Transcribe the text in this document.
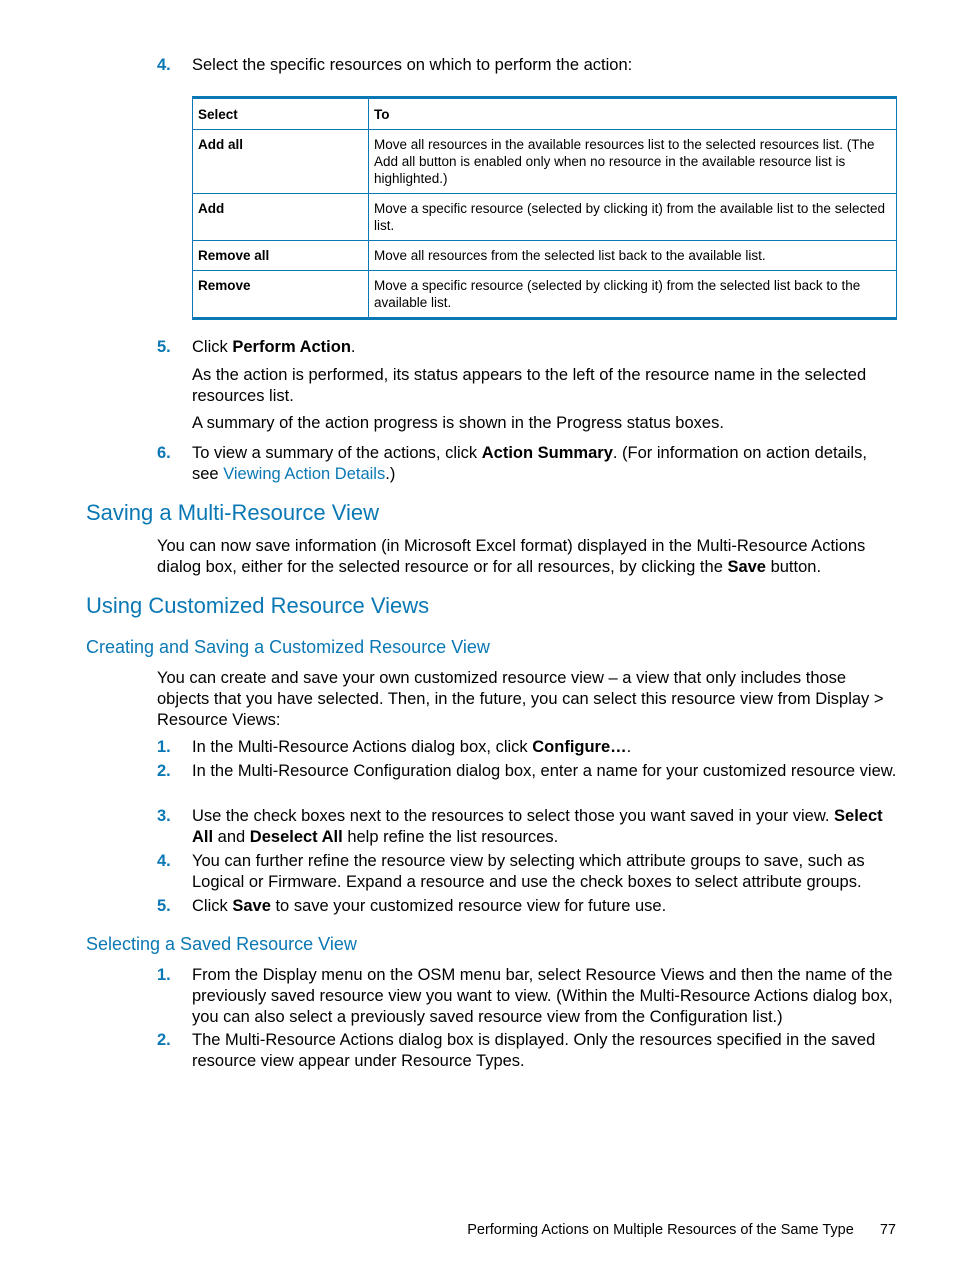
4. Select the specific resources on which to perform the action:
Select	To
Add all	Move all resources in the available resources list to the selected resources list. (The Add all button is enabled only when no resource in the available resource list is highlighted.)
Add	Move a specific resource (selected by clicking it) from the available list to the selected list.
Remove all	Move all resources from the selected list back to the available list.
Remove	Move a specific resource (selected by clicking it) from the selected list back to the available list.
5. Click Perform Action.
As the action is performed, its status appears to the left of the resource name in the selected resources list.
A summary of the action progress is shown in the Progress status boxes.
6. To view a summary of the actions, click Action Summary. (For information on action details, see Viewing Action Details.)
Saving a Multi-Resource View
You can now save information (in Microsoft Excel format) displayed in the Multi-Resource Actions dialog box, either for the selected resource or for all resources, by clicking the Save button.
Using Customized Resource Views
Creating and Saving a Customized Resource View
You can create and save your own customized resource view – a view that only includes those objects that you have selected. Then, in the future, you can select this resource view from Display > Resource Views:
1. In the Multi-Resource Actions dialog box, click Configure….
2. In the Multi-Resource Configuration dialog box, enter a name for your customized resource view.
3. Use the check boxes next to the resources to select those you want saved in your view. Select All and Deselect All help refine the list resources.
4. You can further refine the resource view by selecting which attribute groups to save, such as Logical or Firmware. Expand a resource and use the check boxes to select attribute groups.
5. Click Save to save your customized resource view for future use.
Selecting a Saved Resource View
1. From the Display menu on the OSM menu bar, select Resource Views and then the name of the previously saved resource view you want to view. (Within the Multi-Resource Actions dialog box, you can also select a previously saved resource view from the Configuration list.)
2. The Multi-Resource Actions dialog box is displayed. Only the resources specified in the saved resource view appear under Resource Types.
Performing Actions on Multiple Resources of the Same Type 77
